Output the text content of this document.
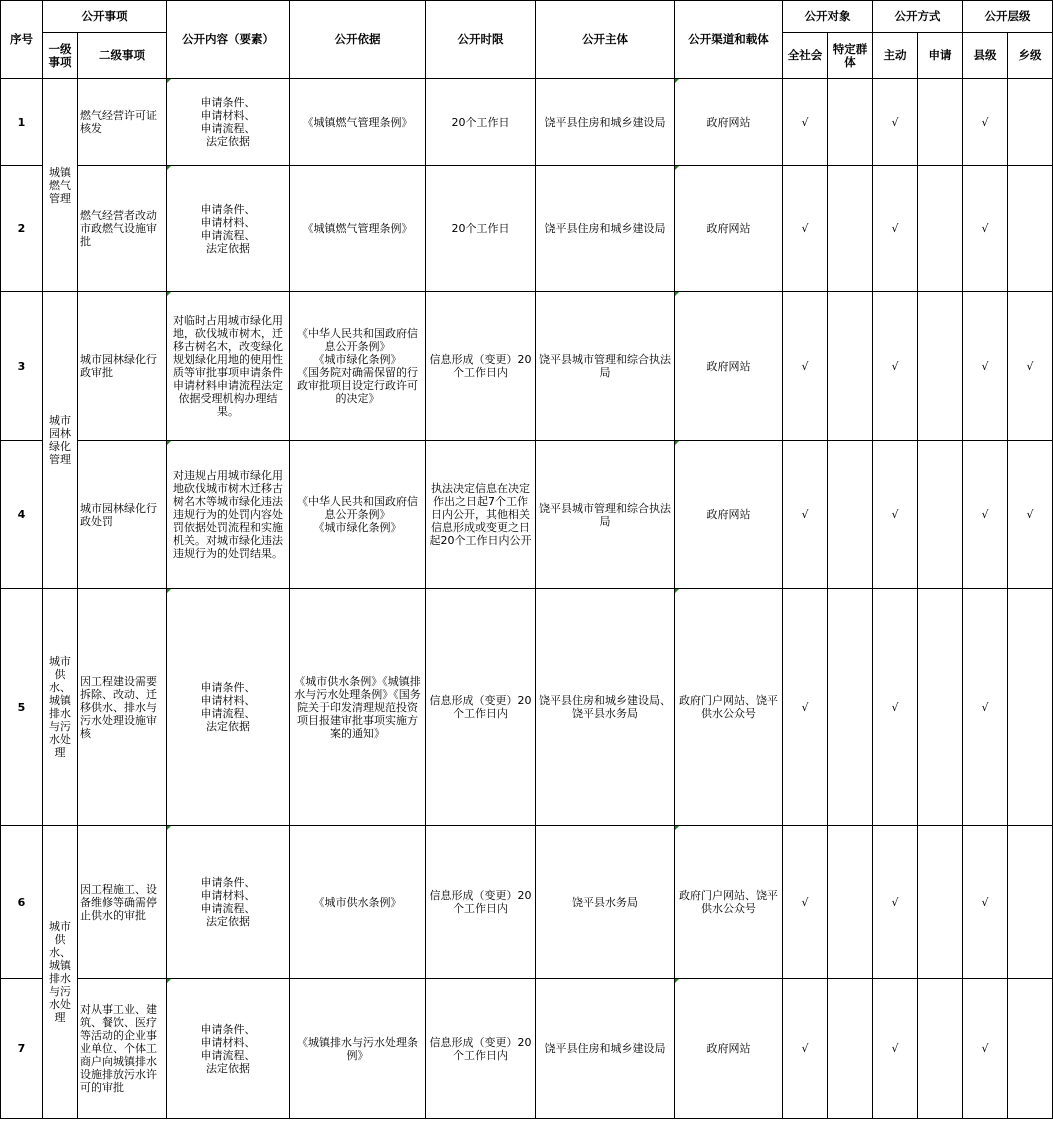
序号	公开事项		公开内容（要素）	公开依据	公开时限	公开主体	公开渠道和载体	公开对象		公开方式		公开层级	
	一级事项	二级事项						全社会	特定群体	主动	申请	县级	乡级
1	城镇燃气管理	燃气经营许可证核发	申请条件、
申请材料、
申请流程、
法定依据	《城镇燃气管理条例》	20个工作日	饶平县住房和城乡建设局	政府网站	√		√		√	
2		燃气经营者改动市政燃气设施审批	申请条件、
申请材料、
申请流程、
法定依据	《城镇燃气管理条例》	20个工作日	饶平县住房和城乡建设局	政府网站	√		√		√	
3	城市园林绿化管理	城市园林绿化行政审批	对临时占用城市绿化用地，砍伐城市树木，迁移古树名木，改变绿化规划绿化用地的使用性质等审批事项申请条件申请材料申请流程法定依据受理机构办理结果。	《中华人民共和国政府信息公开条例》
《城市绿化条例》
《国务院对确需保留的行政审批项目设定行政许可的决定》	信息形成（变更）20个工作日内	饶平县城市管理和综合执法局	政府网站	√		√		√	√
4		城市园林绿化行政处罚	对违规占用城市绿化用地砍伐城市树木迁移古树名木等城市绿化违法违规行为的处罚内容处罚依据处罚流程和实施机关。对城市绿化违法违规行为的处罚结果。	《中华人民共和国政府信息公开条例》
《城市绿化条例》	执法决定信息在决定作出之日起7个工作日内公开，其他相关信息形成或变更之日起20个工作日内公开	饶平县城市管理和综合执法局	政府网站	√		√		√	√
5	城市供水、城镇排水与污水处理	因工程建设需要拆除、改动、迁移供水、排水与污水处理设施审核	申请条件、
申请材料、
申请流程、
法定依据	《城市供水条例》《城镇排水与污水处理条例》《国务院关于印发清理规范投资项目报建审批事项实施方案的通知》	信息形成（变更）20个工作日内	饶平县住房和城乡建设局、饶平县水务局	政府门户网站、饶平供水公众号	√		√		√	
6	城市供水、城镇排水与污水处理	因工程施工、设备维修等确需停止供水的审批	申请条件、
申请材料、
申请流程、
法定依据	《城市供水条例》	信息形成（变更）20个工作日内	饶平县水务局	政府门户网站、饶平供水公众号	√		√		√	
7		对从事工业、建筑、餐饮、医疗等活动的企业事业单位、个体工商户向城镇排水设施排放污水许可的审批	申请条件、
申请材料、
申请流程、
法定依据	《城镇排水与污水处理条例》	信息形成（变更）20个工作日内	饶平县住房和城乡建设局	政府网站	√		√		√	
